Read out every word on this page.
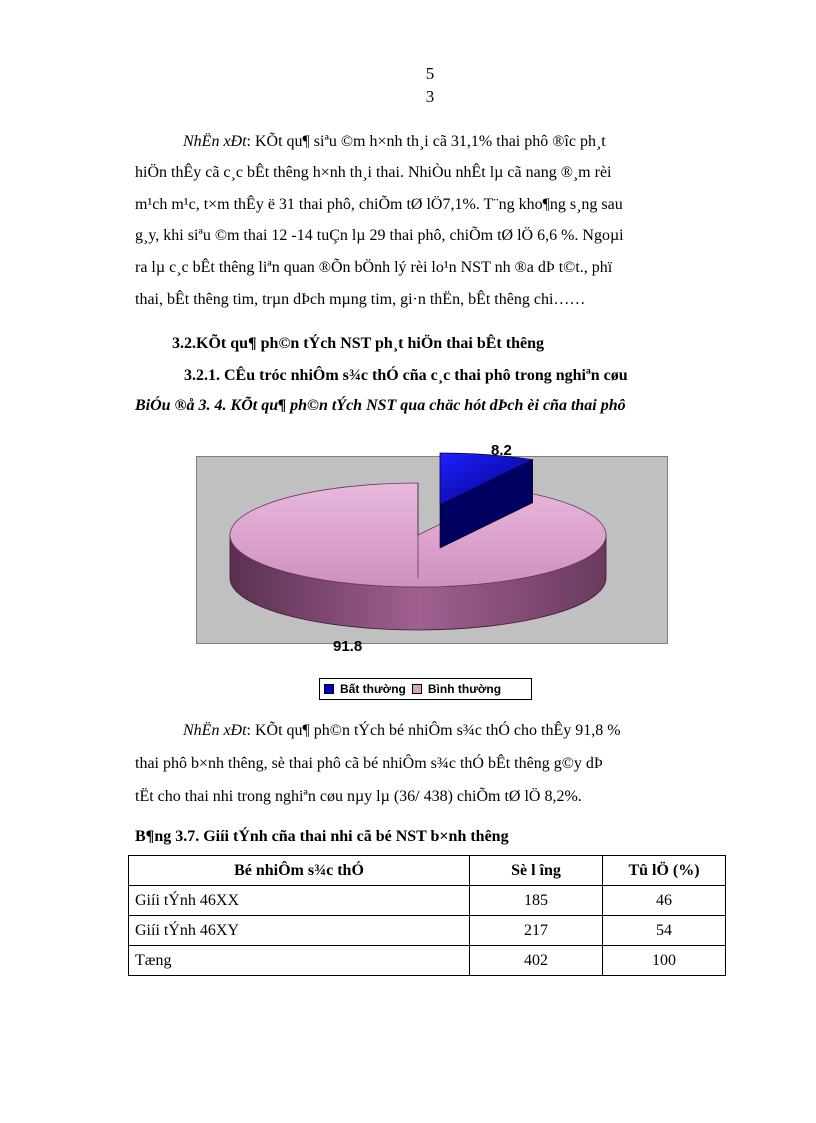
5
3
NhËn xÐt: KÕt qu¶ siªu ©m h×nh th¸i cã 31,1% thai phô ®îc ph¸t
hiÖn thÊy cã c¸c bÊt thêng h×nh th¸i thai. NhiÒu nhÊt lµ cã nang ®¸m rèi
m¹ch m¹c, t×m thÊy ë 31 thai phô, chiÕm tØ lÖ7,1%. T¨ng kho¶ng s¸ng sau
g¸y, khi siªu ©m thai 12 -14 tuÇn lµ 29 thai phô, chiÕm tØ lÖ 6,6 %. Ngoµi
ra lµ c¸c bÊt thêng liªn quan ®Õn bÖnh lý rèi lo¹n NST nh ®a dÞ t©t., phï
thai, bÊt thêng tim, trµn dÞch mµng tim, gi·n thËn, bÊt thêng chi……
3.2.KÕt qu¶ ph©n tÝch NST ph¸t hiÖn thai bÊt thêng
3.2.1. CÊu tróc nhiÔm s¾c thÓ cña c¸c thai phô trong nghiªn cøu
BiÓu ®å 3. 4. KÕt qu¶ ph©n tÝch NST qua chäc hót dÞch èi cña thai phô
8.2
91.8
Bất thường Bình thường
NhËn xÐt: KÕt qu¶ ph©n tÝch bé nhiÔm s¾c thÓ cho thÊy 91,8 %
thai phô b×nh thêng, sè thai phô cã bé nhiÔm s¾c thÓ bÊt thêng g©y dÞ
tËt cho thai nhi trong nghiªn cøu nµy lµ (36/ 438) chiÕm tØ lÖ 8,2%.
B¶ng 3.7. Giíi tÝnh cña thai nhi cã bé NST b×nh thêng
Bé nhiÔm s¾c thÓ	Sè l îng	Tû lÖ (%)
Giíi tÝnh 46XX	185	46
Giíi tÝnh 46XY	217	54
Tæng	402	100
